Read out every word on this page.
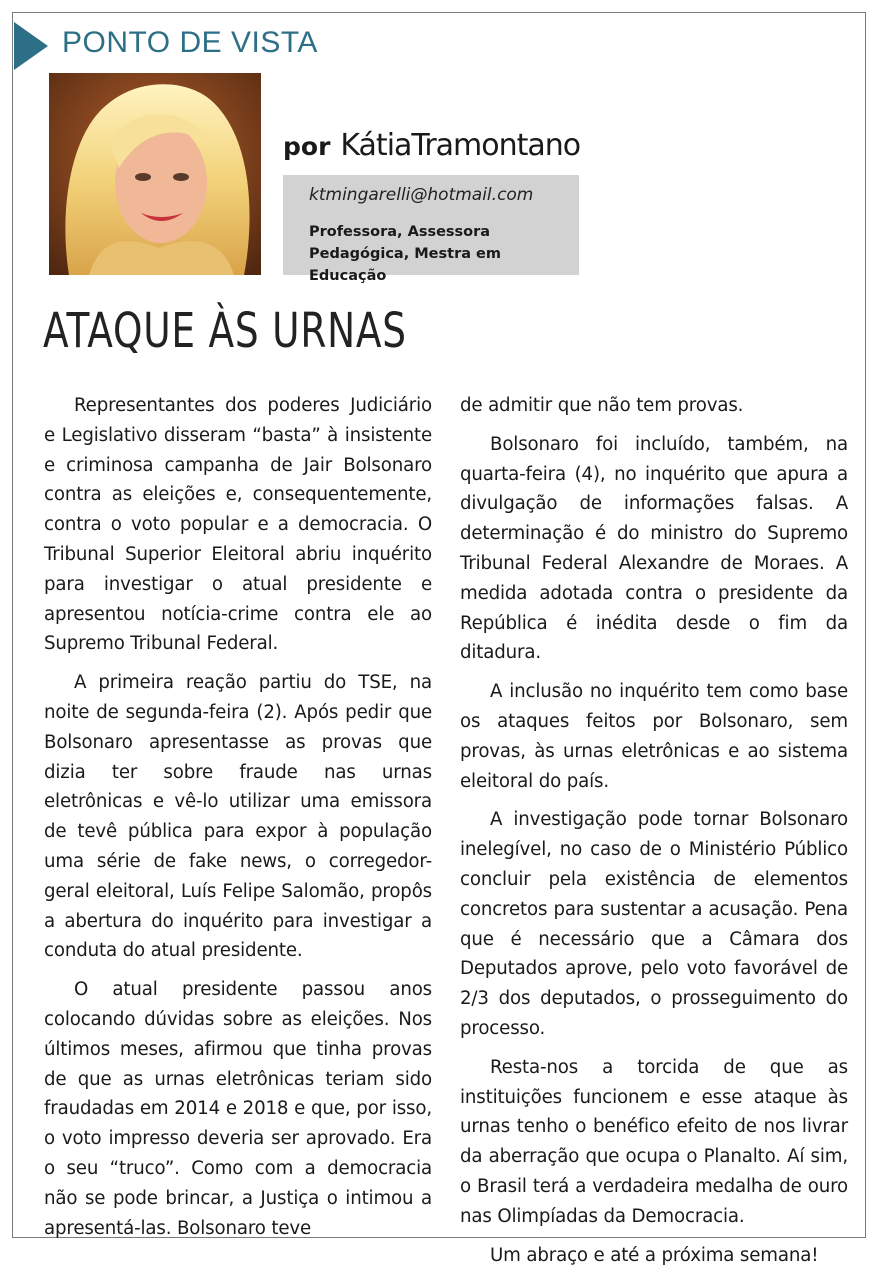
PONTO DE VISTA
por KátiaTramontano
ktmingarelli@hotmail.com
Professora, Assessora Pedagógica, Mestra em Educação
ATAQUE ÀS URNAS

Representantes dos poderes Judiciário e Legislativo disseram “basta” à insistente e criminosa campanha de Jair Bolsonaro contra as eleições e, consequentemente, contra o voto popular e a democracia. O Tribunal Superior Eleitoral abriu inquérito para investigar o atual presidente e apresentou notícia-crime contra ele ao Supremo Tribunal Federal.

A primeira reação partiu do TSE, na noite de segunda-feira (2). Após pedir que Bolsonaro apresentasse as provas que dizia ter sobre fraude nas urnas eletrônicas e vê-lo utilizar uma emissora de tevê pública para expor à população uma série de fake news, o corregedor-geral eleitoral, Luís Felipe Salomão, propôs a abertura do inquérito para investigar a conduta do atual presidente.

O atual presidente passou anos colocando dúvidas sobre as eleições. Nos últimos meses, afirmou que tinha provas de que as urnas eletrônicas teriam sido fraudadas em 2014 e 2018 e que, por isso, o voto impresso deveria ser aprovado. Era o seu “truco”. Como com a democracia não se pode brincar, a Justiça o intimou a apresentá-las. Bolsonaro teve

de admitir que não tem provas.

Bolsonaro foi incluído, também, na quarta-feira (4), no inquérito que apura a divulgação de informações falsas. A determinação é do ministro do Supremo Tribunal Federal Alexandre de Moraes. A medida adotada contra o presidente da República é inédita desde o fim da ditadura.

A inclusão no inquérito tem como base os ataques feitos por Bolsonaro, sem provas, às urnas eletrônicas e ao sistema eleitoral do país.

A investigação pode tornar Bolsonaro inelegível, no caso de o Ministério Público concluir pela existência de elementos concretos para sustentar a acusação. Pena que é necessário que a Câmara dos Deputados aprove, pelo voto favorável de 2/3 dos deputados, o prosseguimento do processo.

Resta-nos a torcida de que as instituições funcionem e esse ataque às urnas tenho o benéfico efeito de nos livrar da aberração que ocupa o Planalto. Aí sim, o Brasil terá a verdadeira medalha de ouro nas Olimpíadas da Democracia.

Um abraço e até a próxima semana!
